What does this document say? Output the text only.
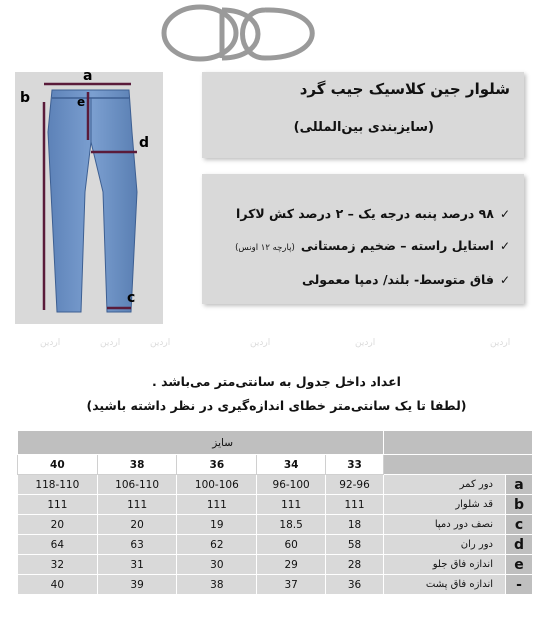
a
b	e
d
c
شلوار جین کلاسیک جیب گرد
(سایزبندی بین‌المللی)
✓
۹۸ درصد پنبه درجه یک – ۲ درصد کش لاکرا
✓
استایل راسته – ضخیم زمستانی
(پارچه ۱۲ اونس)
✓
فاق متوسط- بلند/ دمپا معمولی
اردین	اردین	اردین	اردین	اردین	اردین
اعداد داخل جدول به سانتی‌متر می‌باشد .
(لطفا تا یک سانتی‌متر خطای اندازه‌گیری در نظر داشته باشید)
سایز						
40	38	36	34	33		
118-110	106-110	100-106	96-100	92-96	دور کمر	a
111	111	111	111	111	قد شلوار	b
20	20	19	18.5	18	نصف دور دمپا	c
64	63	62	60	58	دور ران	d
32	31	30	29	28	اندازه فاق جلو	e
40	39	38	37	36	اندازه فاق پشت	-
